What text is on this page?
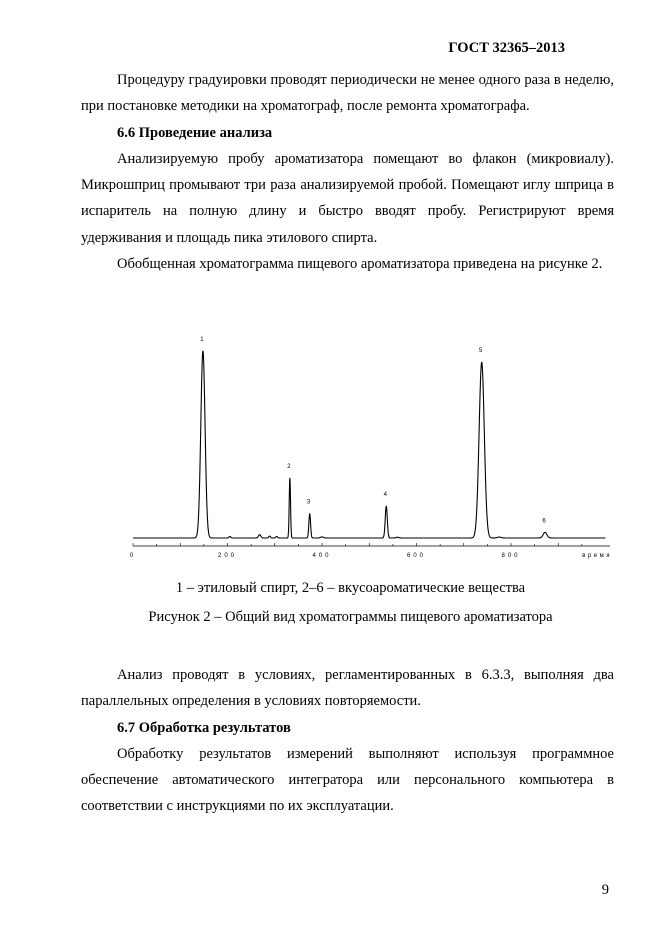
ГОСТ 32365–2013

Процедуру градуировки проводят периодически не менее одного раза в неделю, при постановке методики на хроматограф, после ремонта хроматографа.

6.6 Проведение анализа

Анализируемую пробу ароматизатора помещают во флакон (микровиалу). Микрошприц промывают три раза анализируемой пробой. Помещают иглу шприца в испаритель на полную длину и быстро вводят пробу. Регистрируют время удерживания и площадь пика этилового спирта.

Обобщенная хроматограмма пищевого ароматизатора приведена на рисунке 2.

1
2
3
4
5
6
0	200	400	600	800	время
1 – этиловый спирт, 2–6 – вкусоароматические вещества
Рисунок 2 – Общий вид хроматограммы пищевого ароматизатора

Анализ проводят в условиях, регламентированных в 6.3.3, выполняя два параллельных определения в условиях повторяемости.

6.7 Обработка результатов

Обработку результатов измерений выполняют используя программное обеспечение автоматического интегратора или персонального компьютера в соответствии с инструкциями по их эксплуатации.

9
